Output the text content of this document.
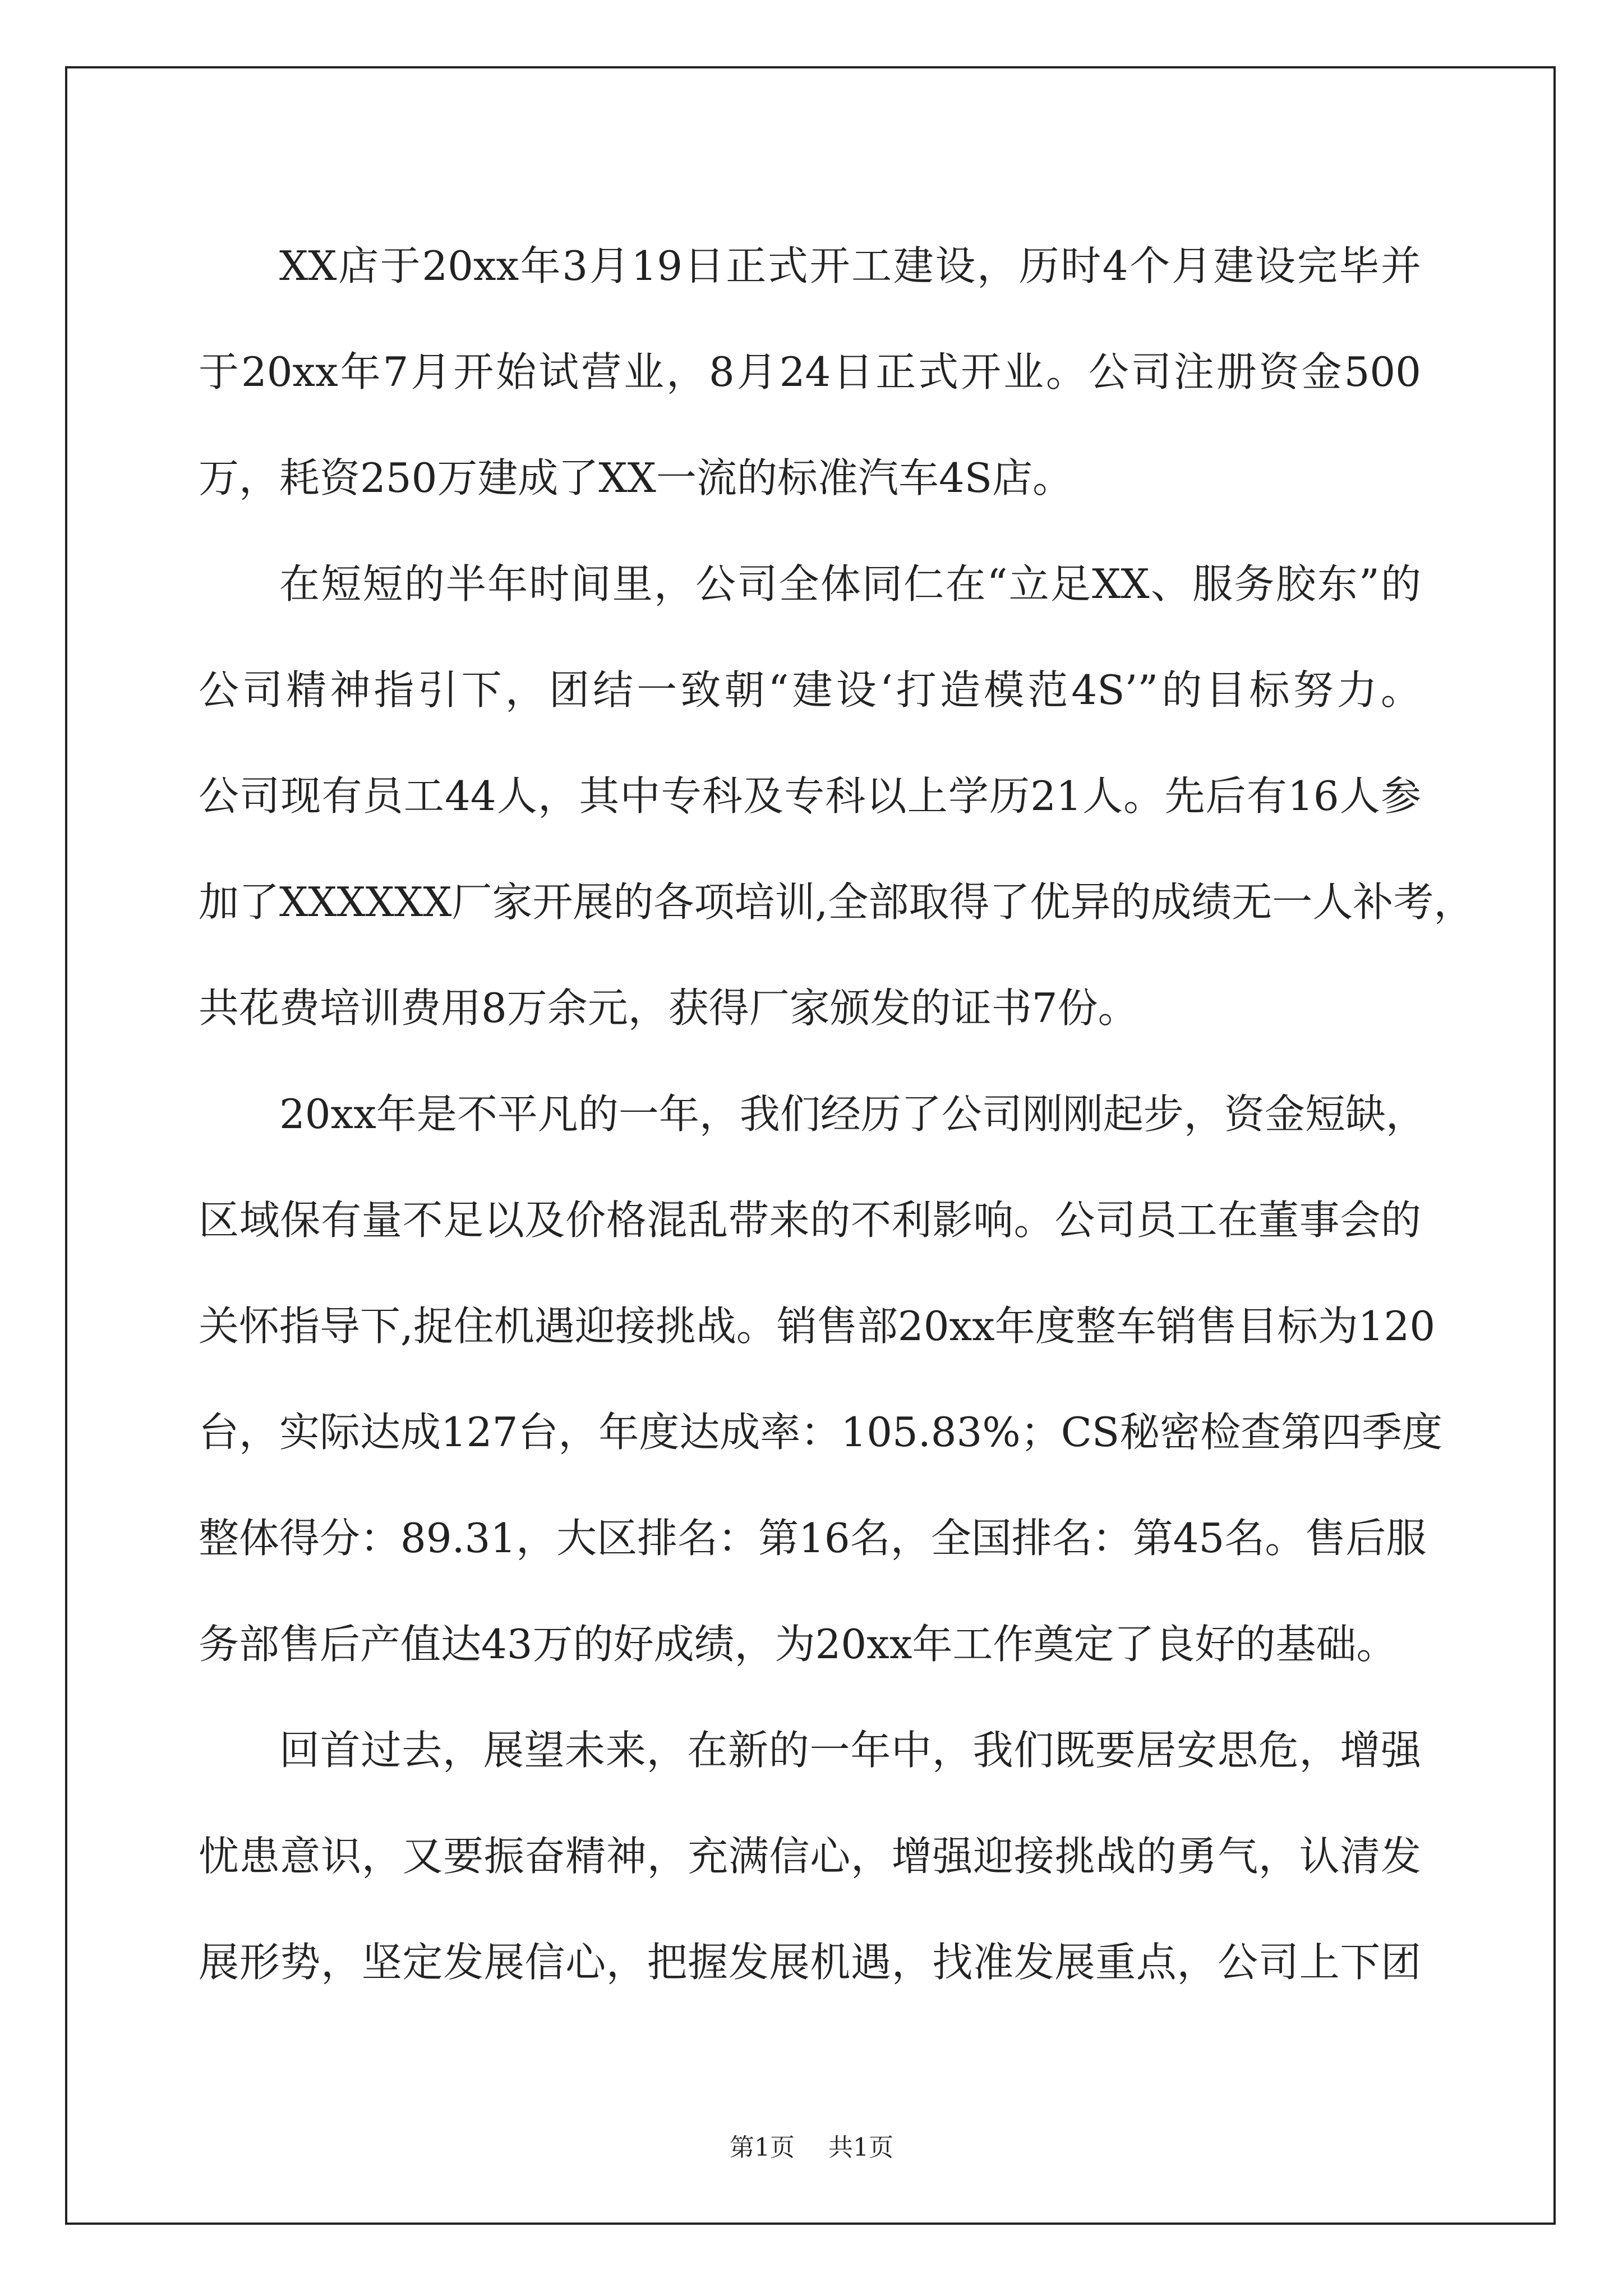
XX店于20xx年3月19日正式开工建设，历时4个月建设完毕并
于20xx年7月开始试营业，8月24日正式开业。公司注册资金500
万，耗资250万建成了XX一流的标准汽车4S店。
在短短的半年时间里，公司全体同仁在“立足XX、服务胶东”的
公司精神指引下，团结一致朝“建设‘打造模范4S’”的目标努力。
公司现有员工44人，其中专科及专科以上学历21人。先后有16人参
加了XXXXXX厂家开展的各项培训,全部取得了优异的成绩无一人补考，
共花费培训费用8万余元，获得厂家颁发的证书7份。
20xx年是不平凡的一年，我们经历了公司刚刚起步，资金短缺，
区域保有量不足以及价格混乱带来的不利影响。公司员工在董事会的
关怀指导下,捉住机遇迎接挑战。销售部20xx年度整车销售目标为120
台，实际达成127台，年度达成率：105.83%；CS秘密检查第四季度
整体得分：89.31，大区排名：第16名，全国排名：第45名。售后服
务部售后产值达43万的好成绩，为20xx年工作奠定了良好的基础。
回首过去，展望未来，在新的一年中，我们既要居安思危，增强
忧患意识，又要振奋精神，充满信心，增强迎接挑战的勇气，认清发
展形势，坚定发展信心，把握发展机遇，找准发展重点，公司上下团
第1页 共1页
